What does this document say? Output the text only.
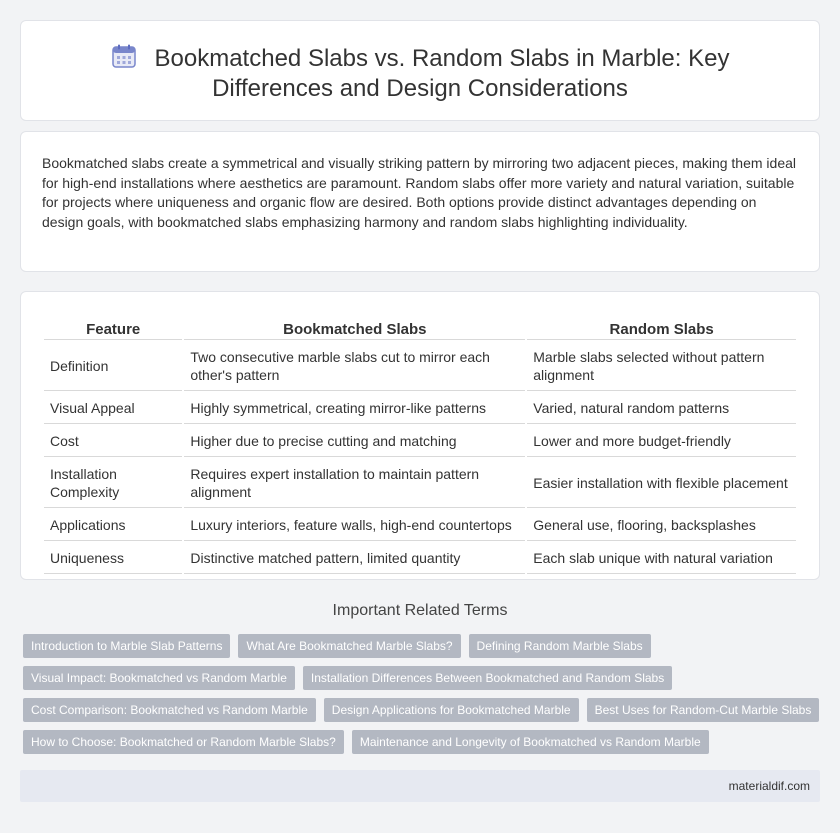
Bookmatched Slabs vs. Random Slabs in Marble: Key Differences and Design Considerations

Bookmatched slabs create a symmetrical and visually striking pattern by mirroring two adjacent pieces, making them ideal for high-end installations where aesthetics are paramount. Random slabs offer more variety and natural variation, suitable for projects where uniqueness and organic flow are desired. Both options provide distinct advantages depending on design goals, with bookmatched slabs emphasizing harmony and random slabs highlighting individuality.

Feature	Bookmatched Slabs	Random Slabs
Definition	Two consecutive marble slabs cut to mirror each other's pattern	Marble slabs selected without pattern alignment
Visual Appeal	Highly symmetrical, creating mirror-like patterns	Varied, natural random patterns
Cost	Higher due to precise cutting and matching	Lower and more budget-friendly
Installation Complexity	Requires expert installation to maintain pattern alignment	Easier installation with flexible placement
Applications	Luxury interiors, feature walls, high-end countertops	General use, flooring, backsplashes
Uniqueness	Distinctive matched pattern, limited quantity	Each slab unique with natural variation
Important Related Terms
Introduction to Marble Slab Patterns	What Are Bookmatched Marble Slabs?	Defining Random Marble Slabs
Visual Impact: Bookmatched vs Random Marble	Installation Differences Between Bookmatched and Random Slabs
Cost Comparison: Bookmatched vs Random Marble	Design Applications for Bookmatched Marble	Best Uses for Random-Cut Marble Slabs
How to Choose: Bookmatched or Random Marble Slabs?	Maintenance and Longevity of Bookmatched vs Random Marble
materialdif.com
